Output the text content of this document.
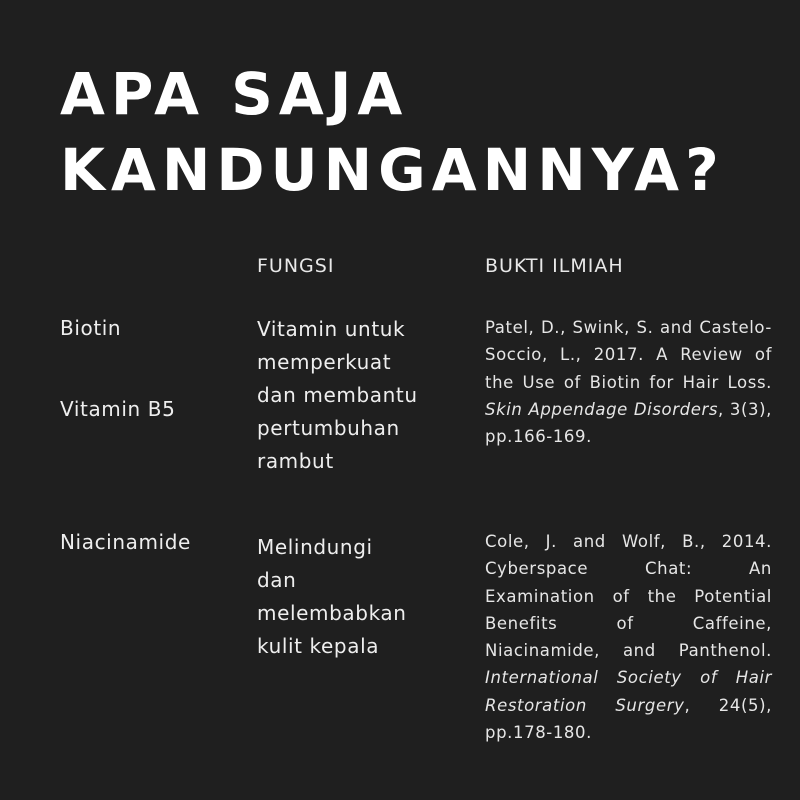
APA SAJA
KANDUNGANNYA?
FUNGSI	BUKTI ILMIAH
Biotin
Vitamin B5
Vitamin untuk
memperkuat
dan membantu
pertumbuhan
rambut
Patel, D., Swink, S. and Castelo-Soccio, L., 2017. A Review of the Use of Biotin for Hair Loss. Skin Appendage Disorders, 3(3), pp.166-169.
Niacinamide	Melindungi
dan
melembabkan
kulit kepala
Cole, J. and Wolf, B., 2014. Cyberspace Chat: An Examination of the Potential Benefits of Caffeine, Niacinamide, and Panthenol. International Society of Hair Restoration Surgery, 24(5), pp.178-180.
